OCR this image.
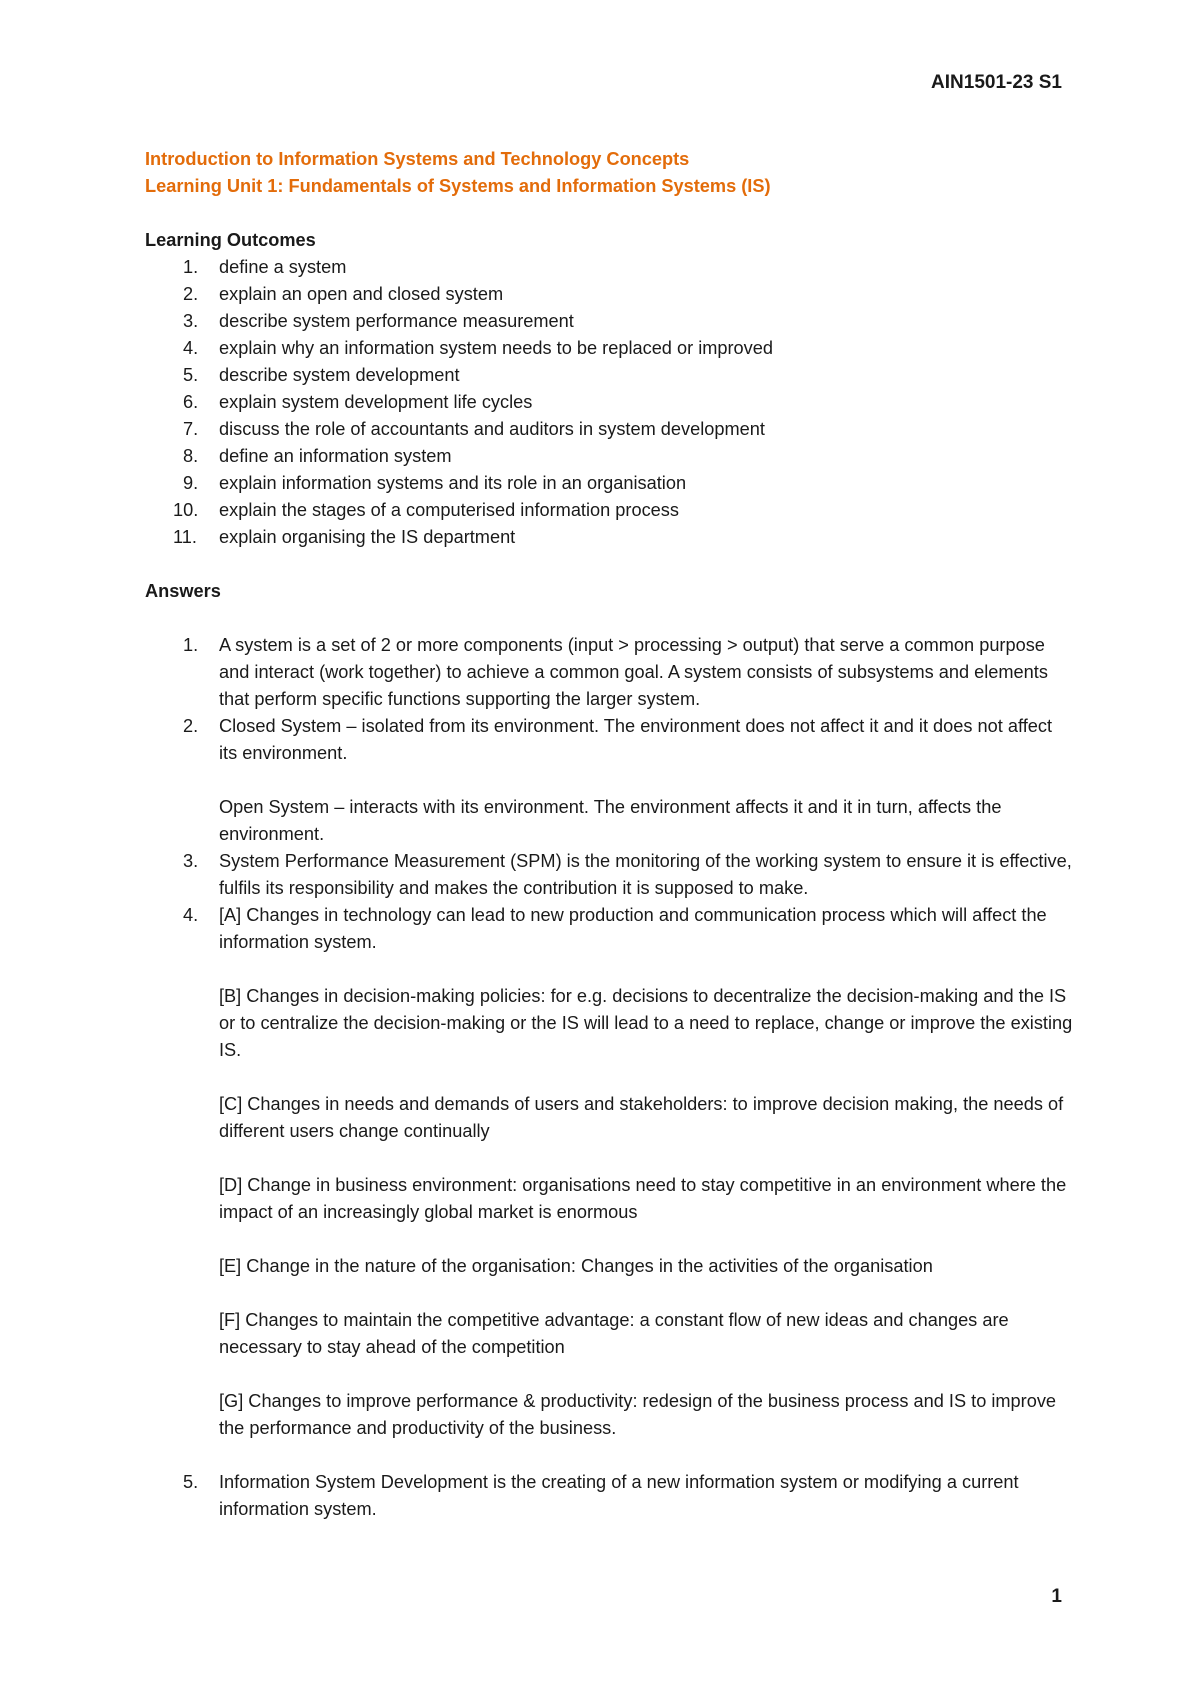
AIN1501-23 S1

Introduction to Information Systems and Technology Concepts

Learning Unit 1: Fundamentals of Systems and Information Systems (IS)

Learning Outcomes

1.	define a system
2.	explain an open and closed system
3.	describe system performance measurement
4.	explain why an information system needs to be replaced or improved
5.	describe system development
6.	explain system development life cycles
7.	discuss the role of accountants and auditors in system development
8.	define an information system
9.	explain information systems and its role in an organisation
10.	explain the stages of a computerised information process
11.	explain organising the IS department

Answers

1.	A system is a set of 2 or more components (input > processing > output) that serve a common purpose and interact (work together) to achieve a common goal. A system consists of subsystems and elements that perform specific functions supporting the larger system.

2.	Closed System – isolated from its environment. The environment does not affect it and it does not affect its environment.

Open System – interacts with its environment. The environment affects it and it in turn, affects the environment.

3.	System Performance Measurement (SPM) is the monitoring of the working system to ensure it is effective, fulfils its responsibility and makes the contribution it is supposed to make.

4.	[A] Changes in technology can lead to new production and communication process which will affect the information system.

[B] Changes in decision-making policies: for e.g. decisions to decentralize the decision-making and the IS or to centralize the decision-making or the IS will lead to a need to replace, change or improve the existing IS.

[C] Changes in needs and demands of users and stakeholders: to improve decision making, the needs of different users change continually

[D] Change in business environment: organisations need to stay competitive in an environment where the impact of an increasingly global market is enormous

[E] Change in the nature of the organisation: Changes in the activities of the organisation

[F] Changes to maintain the competitive advantage: a constant flow of new ideas and changes are necessary to stay ahead of the competition

[G] Changes to improve performance & productivity: redesign of the business process and IS to improve the performance and productivity of the business.

5.	Information System Development is the creating of a new information system or modifying a current information system.

1
